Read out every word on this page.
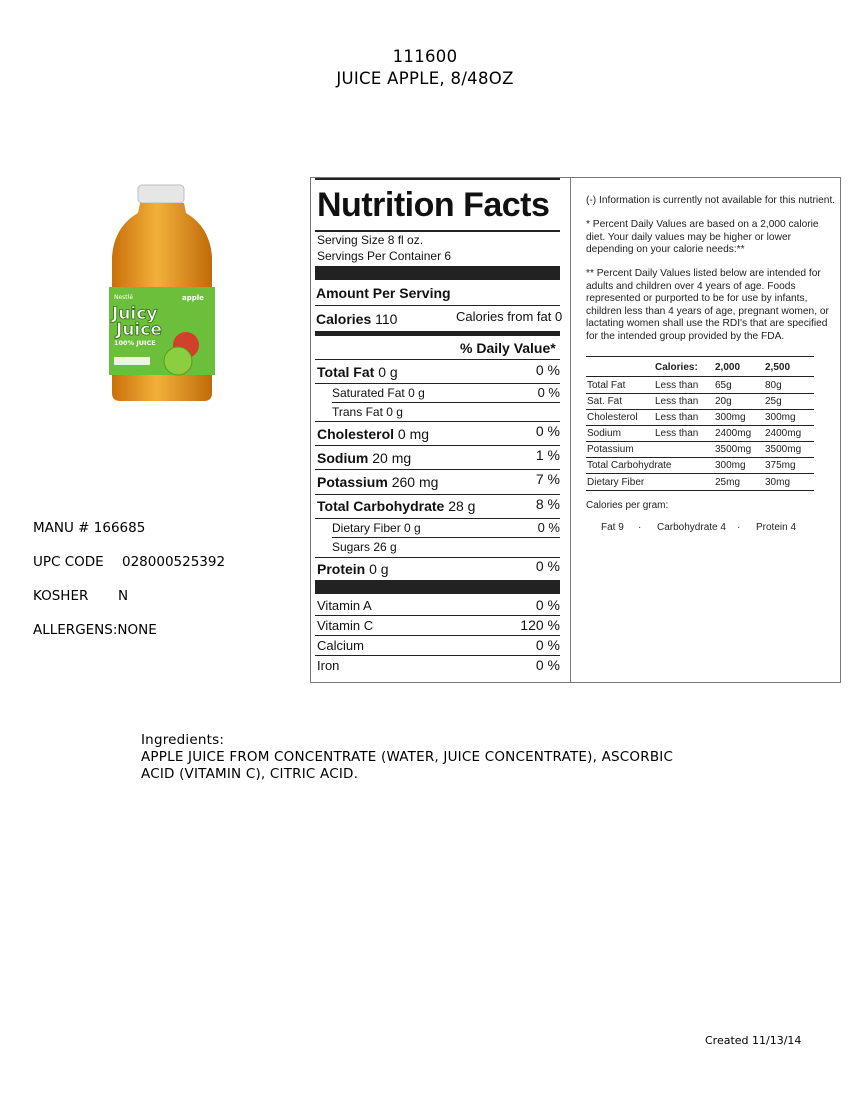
111600
JUICE APPLE, 8/48OZ
Nestlé
Juicy
Juice
100% JUICE
apple
MANU # 166685
UPC CODE 028000525392
KOSHER N
ALLERGENS:NONE
Nutrition Facts
Serving Size 8 fl oz.
Servings Per Container 6
Amount Per Serving
Calories 110	Calories from fat 0
% Daily Value*
Total Fat 0 g	0 %
Saturated Fat 0 g	0 %
Trans Fat 0 g
Cholesterol 0 mg	0 %
Sodium 20 mg	1 %
Potassium 260 mg	7 %
Total Carbohydrate 28 g	8 %
Dietary Fiber 0 g	0 %
Sugars 26 g
Protein 0 g	0 %
Vitamin A	0 %
Vitamin C	120 %
Calcium	0 %
Iron	0 %
(-) Information is currently not available for this nutrient.
* Percent Daily Values are based on a 2,000 calorie diet. Your daily values may be higher or lower depending on your calorie needs:**
** Percent Daily Values listed below are intended for adults and children over 4 years of age. Foods represented or purported to be for use by infants, children less than 4 years of age, pregnant women, or lactating women shall use the RDI's that are specified for the intended group provided by the FDA.
Calories: 2,000 2,500
Total Fat	Less than 65g	80g
Sat. Fat	Less than 20g	25g
Cholesterol Less than 300mg 300mg
Sodium	Less than 2400mg 2400mg
Potassium	3500mg 3500mg
Total Carbohydrate	300mg 375mg
Dietary Fiber	25mg 30mg
Calories per gram:
Fat 9 · Carbohydrate 4 · Protein 4
Ingredients:
APPLE JUICE FROM CONCENTRATE (WATER, JUICE CONCENTRATE), ASCORBIC
ACID (VITAMIN C), CITRIC ACID.
Created 11/13/14
